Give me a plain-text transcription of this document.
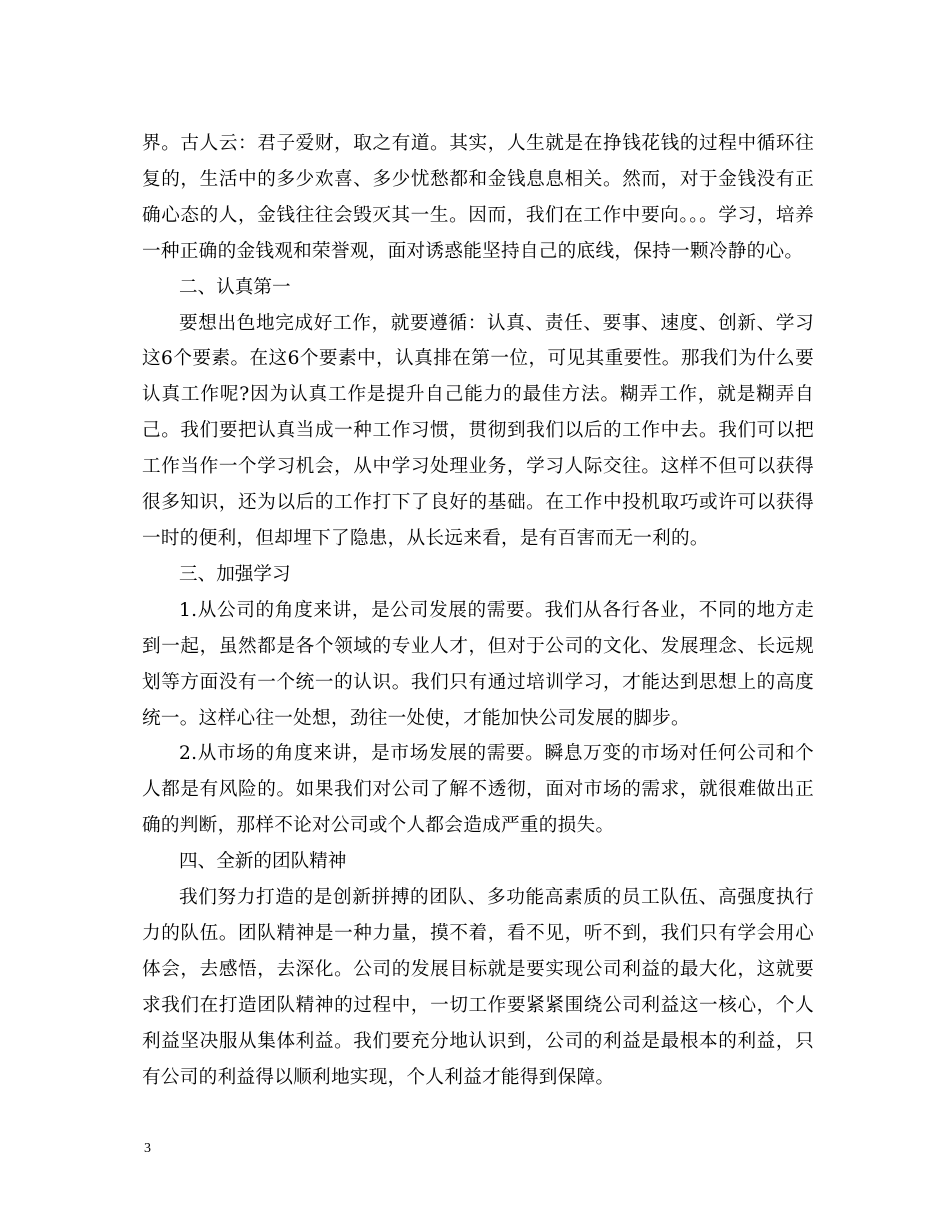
界。古人云：君子爱财，取之有道。其实，人生就是在挣钱花钱的过程中循环往复的，生活中的多少欢喜、多少忧愁都和金钱息息相关。然而，对于金钱没有正确心态的人，金钱往往会毁灭其一生。因而，我们在工作中要向。。。学习，培养一种正确的金钱观和荣誉观，面对诱惑能坚持自己的底线，保持一颗冷静的心。

二、认真第一

要想出色地完成好工作，就要遵循：认真、责任、要事、速度、创新、学习这6个要素。在这6个要素中，认真排在第一位，可见其重要性。那我们为什么要认真工作呢?因为认真工作是提升自己能力的最佳方法。糊弄工作，就是糊弄自己。我们要把认真当成一种工作习惯，贯彻到我们以后的工作中去。我们可以把工作当作一个学习机会，从中学习处理业务，学习人际交往。这样不但可以获得很多知识，还为以后的工作打下了良好的基础。在工作中投机取巧或许可以获得一时的便利，但却埋下了隐患，从长远来看，是有百害而无一利的。

三、加强学习

1.从公司的角度来讲，是公司发展的需要。我们从各行各业，不同的地方走到一起，虽然都是各个领域的专业人才，但对于公司的文化、发展理念、长远规划等方面没有一个统一的认识。我们只有通过培训学习，才能达到思想上的高度统一。这样心往一处想，劲往一处使，才能加快公司发展的脚步。

2.从市场的角度来讲，是市场发展的需要。瞬息万变的市场对任何公司和个人都是有风险的。如果我们对公司了解不透彻，面对市场的需求，就很难做出正确的判断，那样不论对公司或个人都会造成严重的损失。

四、全新的团队精神

我们努力打造的是创新拼搏的团队、多功能高素质的员工队伍、高强度执行力的队伍。团队精神是一种力量，摸不着，看不见，听不到，我们只有学会用心体会，去感悟，去深化。公司的发展目标就是要实现公司利益的最大化，这就要求我们在打造团队精神的过程中，一切工作要紧紧围绕公司利益这一核心，个人利益坚决服从集体利益。我们要充分地认识到，公司的利益是最根本的利益，只有公司的利益得以顺利地实现，个人利益才能得到保障。

3
